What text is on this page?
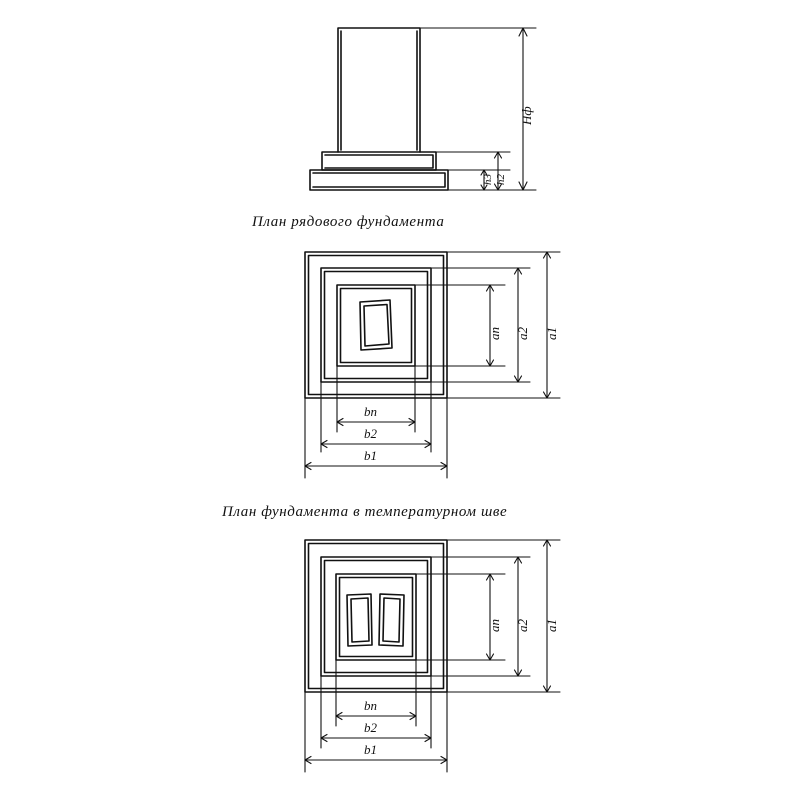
План рядового фундамента
План фундамента в температурном шве
Hф
h2
h3
aп a2 a1
bп
b2
b1
aп a2 a1
bп
b2
b1
